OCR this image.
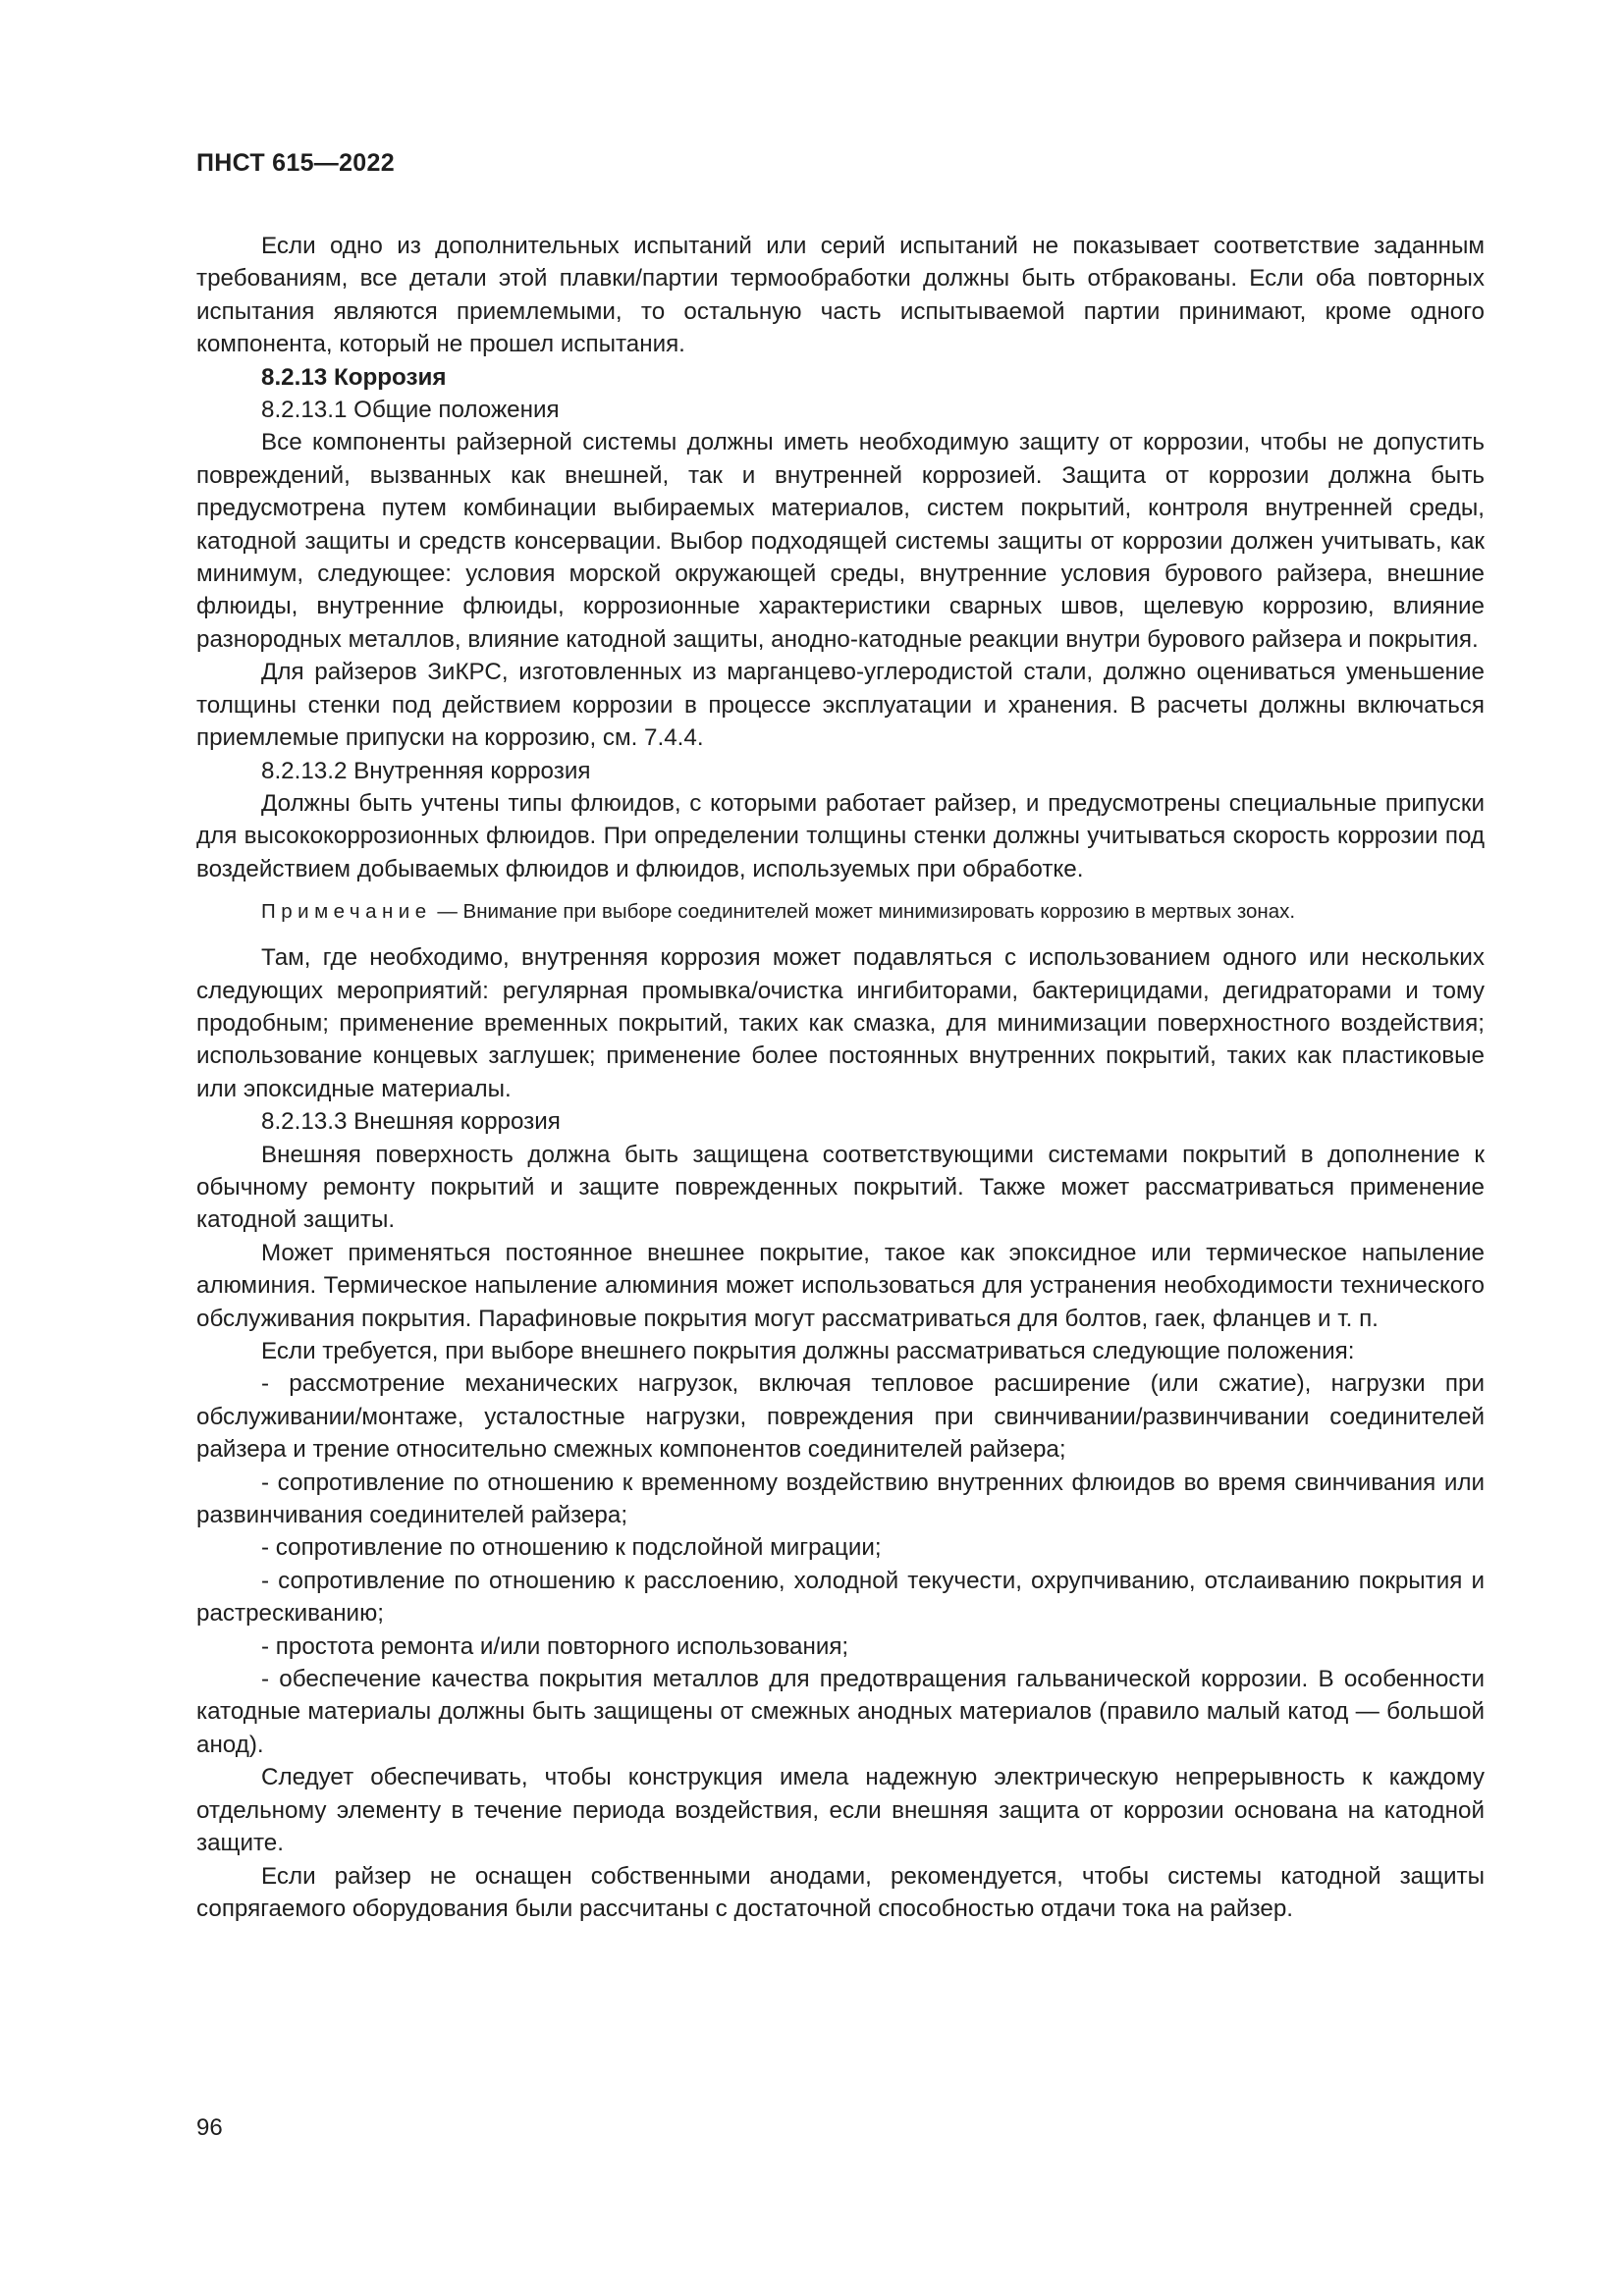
ПНСТ 615—2022

Если одно из дополнительных испытаний или серий испытаний не показывает соответствие заданным требованиям, все детали этой плавки/партии термообработки должны быть отбракованы. Если оба повторных испытания являются приемлемыми, то остальную часть испытываемой партии принимают, кроме одного компонента, который не прошел испытания.

8.2.13 Коррозия

8.2.13.1 Общие положения

Все компоненты райзерной системы должны иметь необходимую защиту от коррозии, чтобы не допустить повреждений, вызванных как внешней, так и внутренней коррозией. Защита от коррозии должна быть предусмотрена путем комбинации выбираемых материалов, систем покрытий, контроля внутренней среды, катодной защиты и средств консервации. Выбор подходящей системы защиты от коррозии должен учитывать, как минимум, следующее: условия морской окружающей среды, внутренние условия бурового райзера, внешние флюиды, внутренние флюиды, коррозионные характеристики сварных швов, щелевую коррозию, влияние разнородных металлов, влияние катодной защиты, анодно-катодные реакции внутри бурового райзера и покрытия.

Для райзеров ЗиКРС, изготовленных из марганцево-углеродистой стали, должно оцениваться уменьшение толщины стенки под действием коррозии в процессе эксплуатации и хранения. В расчеты должны включаться приемлемые припуски на коррозию, см. 7.4.4.

8.2.13.2 Внутренняя коррозия

Должны быть учтены типы флюидов, с которыми работает райзер, и предусмотрены специальные припуски для высококоррозионных флюидов. При определении толщины стенки должны учитываться скорость коррозии под воздействием добываемых флюидов и флюидов, используемых при обработке.

Примечание — Внимание при выборе соединителей может минимизировать коррозию в мертвых зонах.

Там, где необходимо, внутренняя коррозия может подавляться с использованием одного или нескольких следующих мероприятий: регулярная промывка/очистка ингибиторами, бактерицидами, дегидраторами и тому продобным; применение временных покрытий, таких как смазка, для минимизации поверхностного воздействия; использование концевых заглушек; применение более постоянных внутренних покрытий, таких как пластиковые или эпоксидные материалы.

8.2.13.3 Внешняя коррозия

Внешняя поверхность должна быть защищена соответствующими системами покрытий в дополнение к обычному ремонту покрытий и защите поврежденных покрытий. Также может рассматриваться применение катодной защиты.

Может применяться постоянное внешнее покрытие, такое как эпоксидное или термическое напыление алюминия. Термическое напыление алюминия может использоваться для устранения необходимости технического обслуживания покрытия. Парафиновые покрытия могут рассматриваться для болтов, гаек, фланцев и т. п.

Если требуется, при выборе внешнего покрытия должны рассматриваться следующие положения:

- рассмотрение механических нагрузок, включая тепловое расширение (или сжатие), нагрузки при обслуживании/монтаже, усталостные нагрузки, повреждения при свинчивании/развинчивании соединителей райзера и трение относительно смежных компонентов соединителей райзера;

- сопротивление по отношению к временному воздействию внутренних флюидов во время свинчивания или развинчивания соединителей райзера;

- сопротивление по отношению к подслойной миграции;

- сопротивление по отношению к расслоению, холодной текучести, охрупчиванию, отслаиванию покрытия и растрескиванию;

- простота ремонта и/или повторного использования;

- обеспечение качества покрытия металлов для предотвращения гальванической коррозии. В особенности катодные материалы должны быть защищены от смежных анодных материалов (правило малый катод — большой анод).

Следует обеспечивать, чтобы конструкция имела надежную электрическую непрерывность к каждому отдельному элементу в течение периода воздействия, если внешняя защита от коррозии основана на катодной защите.

Если райзер не оснащен собственными анодами, рекомендуется, чтобы системы катодной защиты сопрягаемого оборудования были рассчитаны с достаточной способностью отдачи тока на райзер.

96
